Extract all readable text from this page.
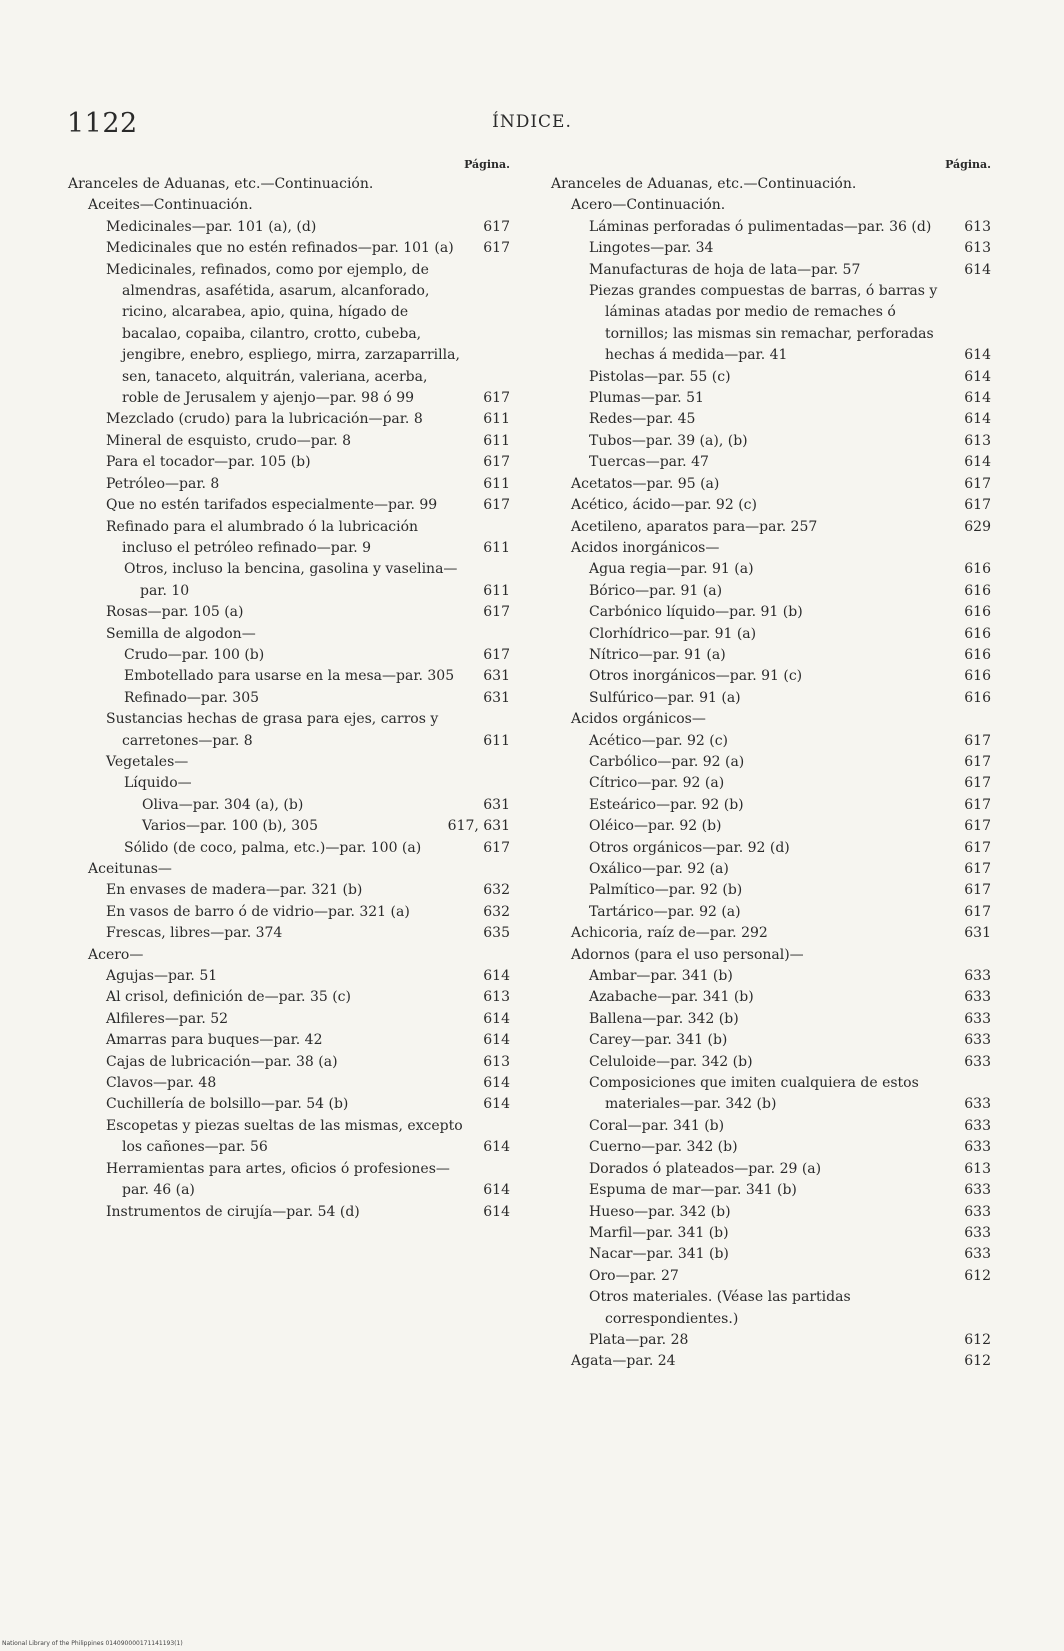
1122	ÍNDICE.
Página.
Aranceles de Aduanas, etc.—Continuación.
Aceites—Continuación.
Medicinales—par. 101 (a), (d)	617
Medicinales que no estén refinados—par. 101 (a)	617
Medicinales, refinados, como por ejemplo, de almendras, asafétida, asarum, alcanforado, ricino, alcarabea, apio, quina, hígado de bacalao, copaiba, cilantro, crotto, cubeba, jengibre, enebro, espliego, mirra, zarzaparrilla, sen, tanaceto, alquitrán, valeriana, acerba, roble de Jerusalem y ajenjo—par. 98 ó 99	617
Mezclado (crudo) para la lubricación—par. 8	611
Mineral de esquisto, crudo—par. 8	611
Para el tocador—par. 105 (b)	617
Petróleo—par. 8	611
Que no estén tarifados especialmente—par. 99	617
Refinado para el alumbrado ó la lubricación incluso el petróleo refinado—par. 9	611
Otros, incluso la bencina, gasolina y vaselina—par. 10	611
Rosas—par. 105 (a)	617
Semilla de algodon—
Crudo—par. 100 (b)	617
Embotellado para usarse en la mesa—par. 305	631
Refinado—par. 305	631
Sustancias hechas de grasa para ejes, carros y carretones—par. 8	611
Vegetales—
Líquido—
Oliva—par. 304 (a), (b)	631
Varios—par. 100 (b), 305	617, 631
Sólido (de coco, palma, etc.)—par. 100 (a)	617
Aceitunas—
En envases de madera—par. 321 (b)	632
En vasos de barro ó de vidrio—par. 321 (a)	632
Frescas, libres—par. 374	635
Acero—
Agujas—par. 51	614
Al crisol, definición de—par. 35 (c)	613
Alfileres—par. 52	614
Amarras para buques—par. 42	614
Cajas de lubricación—par. 38 (a)	613
Clavos—par. 48	614
Cuchillería de bolsillo—par. 54 (b)	614
Escopetas y piezas sueltas de las mismas, excepto los cañones—par. 56	614
Herramientas para artes, oficios ó profesiones—par. 46 (a)	614
Instrumentos de cirujía—par. 54 (d)	614
Página.
Aranceles de Aduanas, etc.—Continuación.
Acero—Continuación.
Láminas perforadas ó pulimentadas—par. 36 (d)	613
Lingotes—par. 34	613
Manufacturas de hoja de lata—par. 57	614
Piezas grandes compuestas de barras, ó barras y láminas atadas por medio de remaches ó tornillos; las mismas sin remachar, perforadas hechas á medida—par. 41	614
Pistolas—par. 55 (c)	614
Plumas—par. 51	614
Redes—par. 45	614
Tubos—par. 39 (a), (b)	613
Tuercas—par. 47	614
Acetatos—par. 95 (a)	617
Acético, ácido—par. 92 (c)	617
Acetileno, aparatos para—par. 257	629
Acidos inorgánicos—
Agua regia—par. 91 (a)	616
Bórico—par. 91 (a)	616
Carbónico líquido—par. 91 (b)	616
Clorhídrico—par. 91 (a)	616
Nítrico—par. 91 (a)	616
Otros inorgánicos—par. 91 (c)	616
Sulfúrico—par. 91 (a)	616
Acidos orgánicos—
Acético—par. 92 (c)	617
Carbólico—par. 92 (a)	617
Cítrico—par. 92 (a)	617
Esteárico—par. 92 (b)	617
Oléico—par. 92 (b)	617
Otros orgánicos—par. 92 (d)	617
Oxálico—par. 92 (a)	617
Palmítico—par. 92 (b)	617
Tartárico—par. 92 (a)	617
Achicoria, raíz de—par. 292	631
Adornos (para el uso personal)—
Ambar—par. 341 (b)	633
Azabache—par. 341 (b)	633
Ballena—par. 342 (b)	633
Carey—par. 341 (b)	633
Celuloide—par. 342 (b)	633
Composiciones que imiten cualquiera de estos materiales—par. 342 (b)	633
Coral—par. 341 (b)	633
Cuerno—par. 342 (b)	633
Dorados ó plateados—par. 29 (a)	613
Espuma de mar—par. 341 (b)	633
Hueso—par. 342 (b)	633
Marfil—par. 341 (b)	633
Nacar—par. 341 (b)	633
Oro—par. 27	612
Otros materiales. (Véase las partidas correspondientes.)
Plata—par. 28	612
Agata—par. 24	612
National Library of the Philippines 014090000171141193(1)
